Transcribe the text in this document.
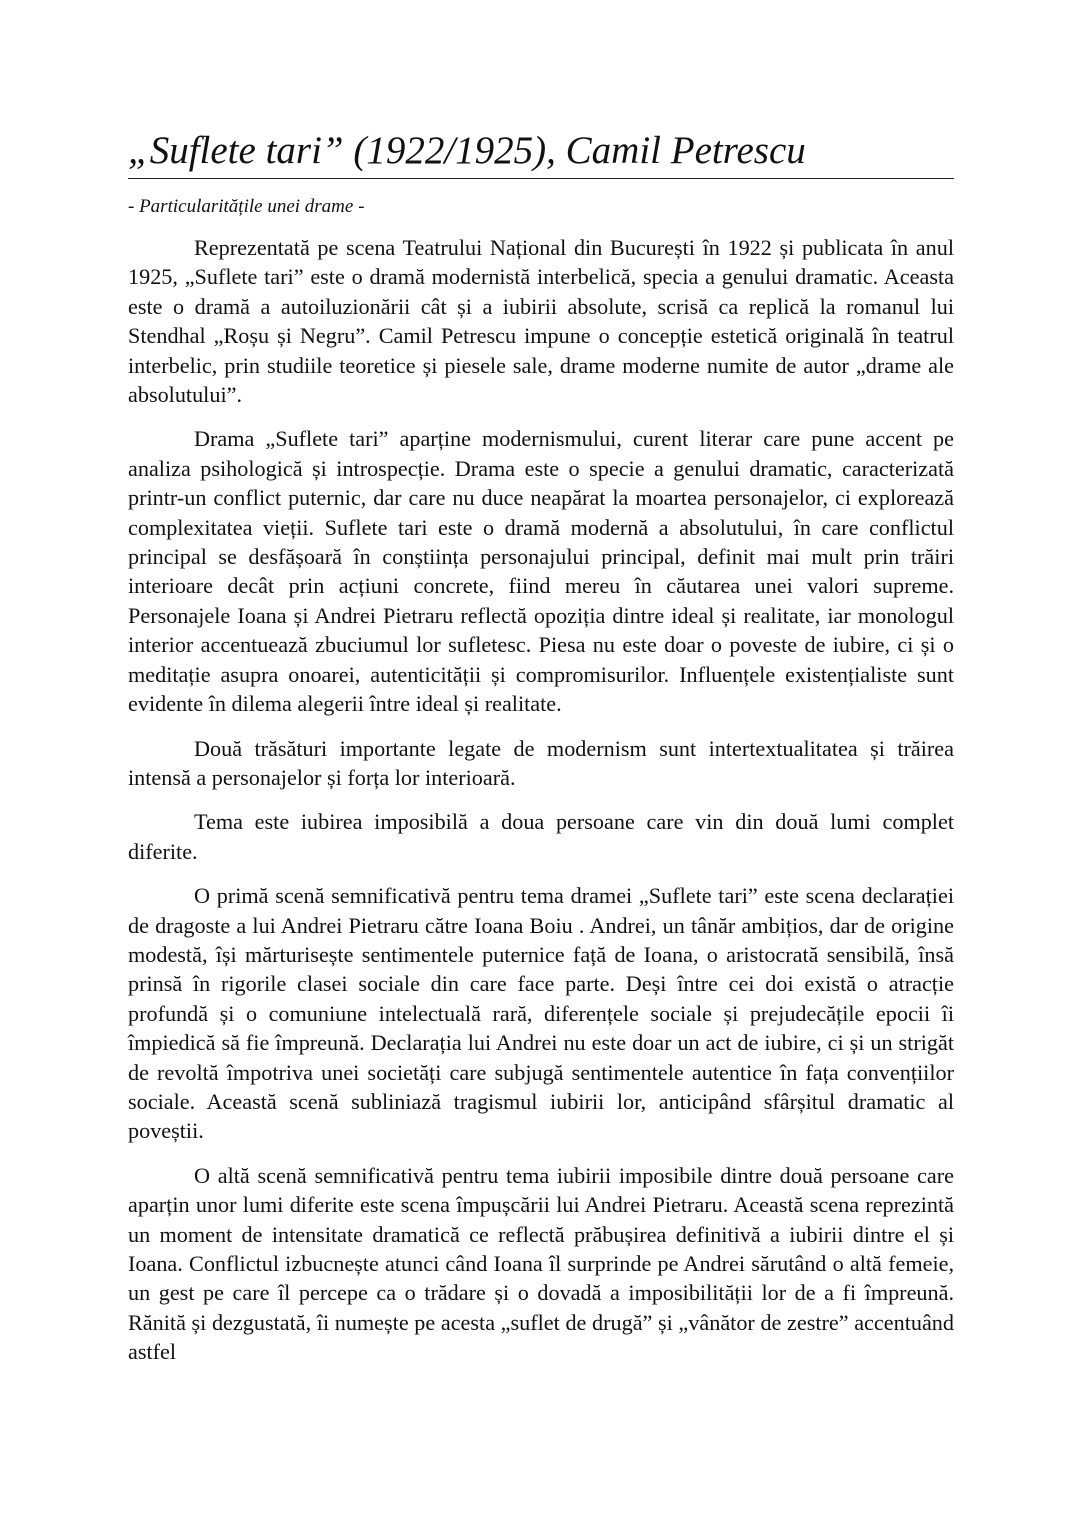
„Suflete tari” (1922/1925), Camil Petrescu
- Particularitățile unei drame -

Reprezentată pe scena Teatrului Național din București în 1922 și publicata în anul 1925, „Suflete tari” este o dramă modernistă interbelică, specia a genului dramatic. Aceasta este o dramă a autoiluzionării cât și a iubirii absolute, scrisă ca replică la romanul lui Stendhal „Roșu și Negru”. Camil Petrescu impune o concepție estetică originală în teatrul interbelic, prin studiile teoretice și piesele sale, drame moderne numite de autor „drame ale absolutului”.

Drama „Suflete tari” aparține modernismului, curent literar care pune accent pe analiza psihologică și introspecție. Drama este o specie a genului dramatic, caracterizată printr-un conflict puternic, dar care nu duce neapărat la moartea personajelor, ci explorează complexitatea vieții. Suflete tari este o dramă modernă a absolutului, în care conflictul principal se desfășoară în conștiința personajului principal, definit mai mult prin trăiri interioare decât prin acțiuni concrete, fiind mereu în căutarea unei valori supreme. Personajele Ioana și Andrei Pietraru reflectă opoziția dintre ideal și realitate, iar monologul interior accentuează zbuciumul lor sufletesc. Piesa nu este doar o poveste de iubire, ci și o meditație asupra onoarei, autenticității și compromisurilor. Influențele existențialiste sunt evidente în dilema alegerii între ideal și realitate.

Două trăsături importante legate de modernism sunt intertextualitatea și trăirea intensă a personajelor și forța lor interioară.

Tema este iubirea imposibilă a doua persoane care vin din două lumi complet diferite.

O primă scenă semnificativă pentru tema dramei „Suflete tari” este scena declarației de dragoste a lui Andrei Pietraru către Ioana Boiu . Andrei, un tânăr ambițios, dar de origine modestă, își mărturisește sentimentele puternice față de Ioana, o aristocrată sensibilă, însă prinsă în rigorile clasei sociale din care face parte. Deși între cei doi există o atracție profundă și o comuniune intelectuală rară, diferențele sociale și prejudecățile epocii îi împiedică să fie împreună. Declarația lui Andrei nu este doar un act de iubire, ci și un strigăt de revoltă împotriva unei societăți care subjugă sentimentele autentice în fața convențiilor sociale. Această scenă subliniază tragismul iubirii lor, anticipând sfârșitul dramatic al poveștii.

O altă scenă semnificativă pentru tema iubirii imposibile dintre două persoane care aparțin unor lumi diferite este scena împușcării lui Andrei Pietraru. Această scena reprezintă un moment de intensitate dramatică ce reflectă prăbușirea definitivă a iubirii dintre el și Ioana. Conflictul izbucnește atunci când Ioana îl surprinde pe Andrei sărutând o altă femeie, un gest pe care îl percepe ca o trădare și o dovadă a imposibilității lor de a fi împreună. Rănită și dezgustată, îi numește pe acesta „suflet de drugă” și „vânător de zestre” accentuând astfel
